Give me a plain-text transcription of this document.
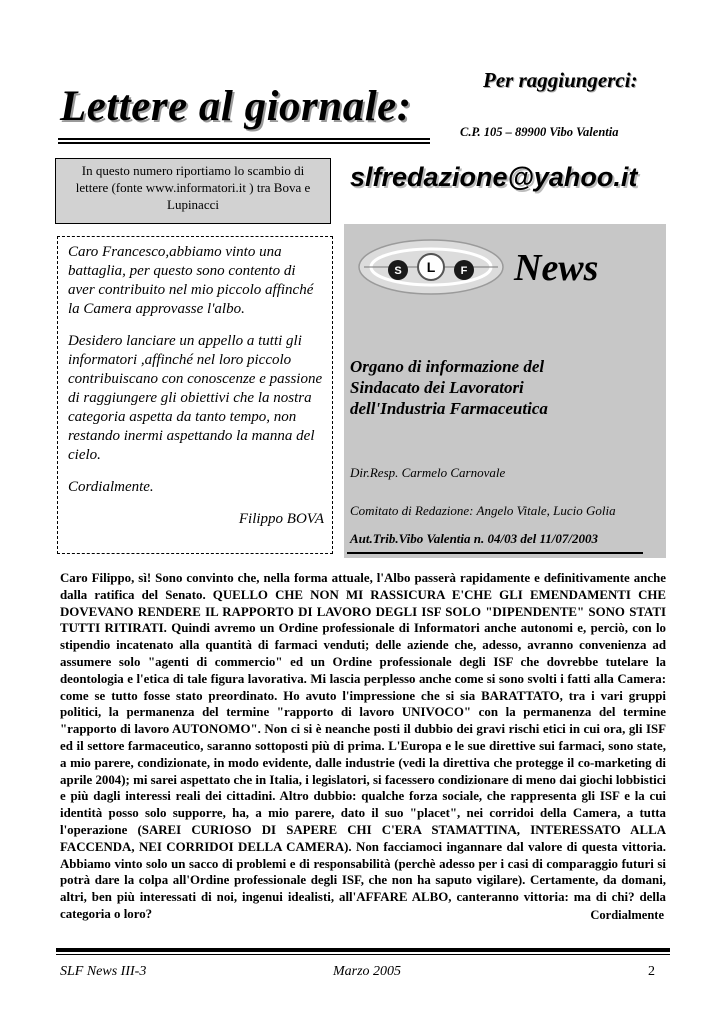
Lettere al giornale:
Per raggiungerci:
C.P. 105 – 89900 Vibo Valentia
In questo numero riportiamo lo scambio di lettere (fonte www.informatori.it ) tra Bova e Lupinacci
slfredazione@yahoo.it

Caro Francesco,abbiamo vinto una battaglia, per questo sono contento di aver contribuito nel mio piccolo affinché la Camera approvasse l'albo.

Desidero lanciare un appello a tutti gli informatori ,affinché nel loro piccolo contribuiscano con conoscenze e passione di raggiungere gli obiettivi che la nostra categoria aspetta da tanto tempo, non restando inermi aspettando la manna del cielo.

Cordialmente.

Filippo BOVA
S L F News
Organo di informazione del
Sindacato dei Lavoratori
dell'Industria Farmaceutica
Dir.Resp. Carmelo Carnovale
Comitato di Redazione: Angelo Vitale, Lucio Golia
Aut.Trib.Vibo Valentia n. 04/03 del 11/07/2003
Caro Filippo, sì! Sono convinto che, nella forma attuale, l'Albo passerà rapidamente e definitivamente anche dalla ratifica del Senato. QUELLO CHE NON MI RASSICURA E'CHE GLI EMENDAMENTI CHE DOVEVANO RENDERE IL RAPPORTO DI LAVORO DEGLI ISF SOLO "DIPENDENTE" SONO STATI TUTTI RITIRATI. Quindi avremo un Ordine professionale di Informatori anche autonomi e, perciò, con lo stipendio incatenato alla quantità di farmaci venduti; delle aziende che, adesso, avranno convenienza ad assumere solo "agenti di commercio" ed un Ordine professionale degli ISF che dovrebbe tutelare la deontologia e l'etica di tale figura lavorativa. Mi lascia perplesso anche come si sono svolti i fatti alla Camera: come se tutto fosse stato preordinato. Ho avuto l'impressione che si sia BARATTATO, tra i vari gruppi politici, la permanenza del termine "rapporto di lavoro UNIVOCO" con la permanenza del termine "rapporto di lavoro AUTONOMO". Non ci si è neanche posti il dubbio dei gravi rischi etici in cui ora, gli ISF ed il settore farmaceutico, saranno sottoposti più di prima. L'Europa e le sue direttive sui farmaci, sono state, a mio parere, condizionate, in modo evidente, dalle industrie (vedi la direttiva che protegge il co-marketing di aprile 2004); mi sarei aspettato che in Italia, i legislatori, si facessero condizionare di meno dai giochi lobbistici e più dagli interessi reali dei cittadini. Altro dubbio: qualche forza sociale, che rappresenta gli ISF e la cui identità posso solo supporre, ha, a mio parere, dato il suo "placet", nei corridoi della Camera, a tutta l'operazione (SAREI CURIOSO DI SAPERE CHI C'ERA STAMATTINA, INTERESSATO ALLA FACCENDA, NEI CORRIDOI DELLA CAMERA). Non facciamoci ingannare dal valore di questa vittoria. Abbiamo vinto solo un sacco di problemi e di responsabilità (perchè adesso per i casi di comparaggio futuri si potrà dare la colpa all'Ordine professionale degli ISF, che non ha saputo vigilare). Certamente, da domani, altri, ben più interessati di noi, ingenui idealisti, all'AFFARE ALBO, canteranno vittoria: ma di chi? della categoria o loro?	Cordialmente
SLF News III-3	Marzo 2005	2
